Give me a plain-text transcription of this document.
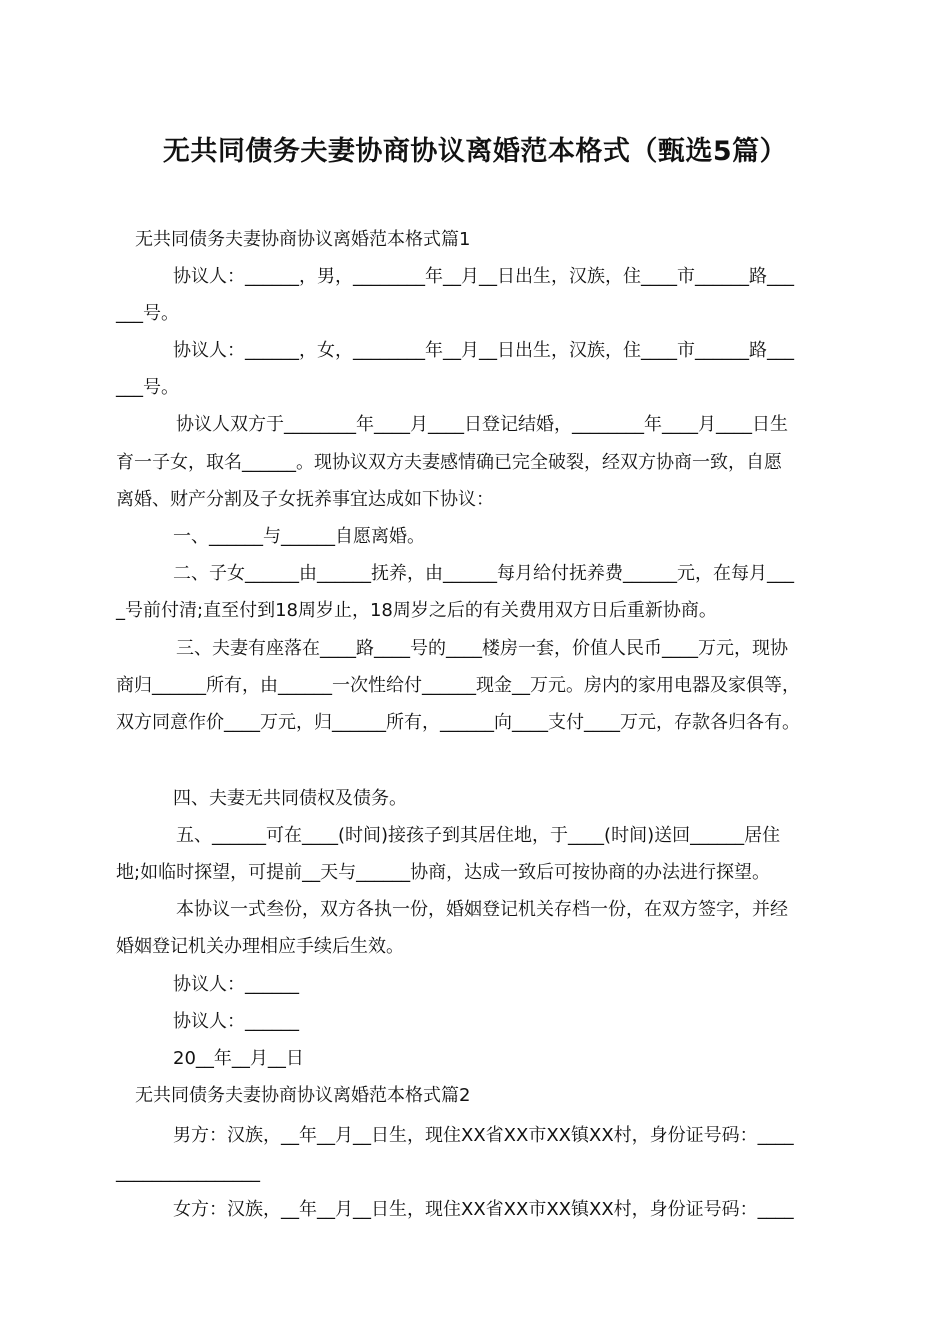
无共同债务夫妻协商协议离婚范本格式（甄选5篇）
无共同债务夫妻协商协议离婚范本格式篇1
协议人：______，男，________年__月__日出生，汉族，住____市______路___
___号。
协议人：______，女，________年__月__日出生，汉族，住____市______路___
___号。
协议人双方于________年____月____日登记结婚，________年____月____日生
育一子女，取名______。现协议双方夫妻感情确已完全破裂，经双方协商一致，自愿
离婚、财产分割及子女抚养事宜达成如下协议：
一、______与______自愿离婚。
二、子女______由______抚养，由______每月给付抚养费______元，在每月___
_号前付清;直至付到18周岁止，18周岁之后的有关费用双方日后重新协商。
三、夫妻有座落在____路____号的____楼房一套，价值人民币____万元，现协
商归______所有，由______一次性给付______现金__万元。房内的家用电器及家俱等，
双方同意作价____万元，归______所有，______向____支付____万元，存款各归各有。
四、夫妻无共同债权及债务。
五、______可在____(时间)接孩子到其居住地，于____(时间)送回______居住
地;如临时探望，可提前__天与______协商，达成一致后可按协商的办法进行探望。
本协议一式叁份，双方各执一份，婚姻登记机关存档一份，在双方签字，并经
婚姻登记机关办理相应手续后生效。
协议人：______
协议人：______
20__年__月__日
无共同债务夫妻协商协议离婚范本格式篇2
男方：汉族，__年__月__日生，现住XX省XX市XX镇XX村，身份证号码：____
________________
女方：汉族，__年__月__日生，现住XX省XX市XX镇XX村，身份证号码：____
